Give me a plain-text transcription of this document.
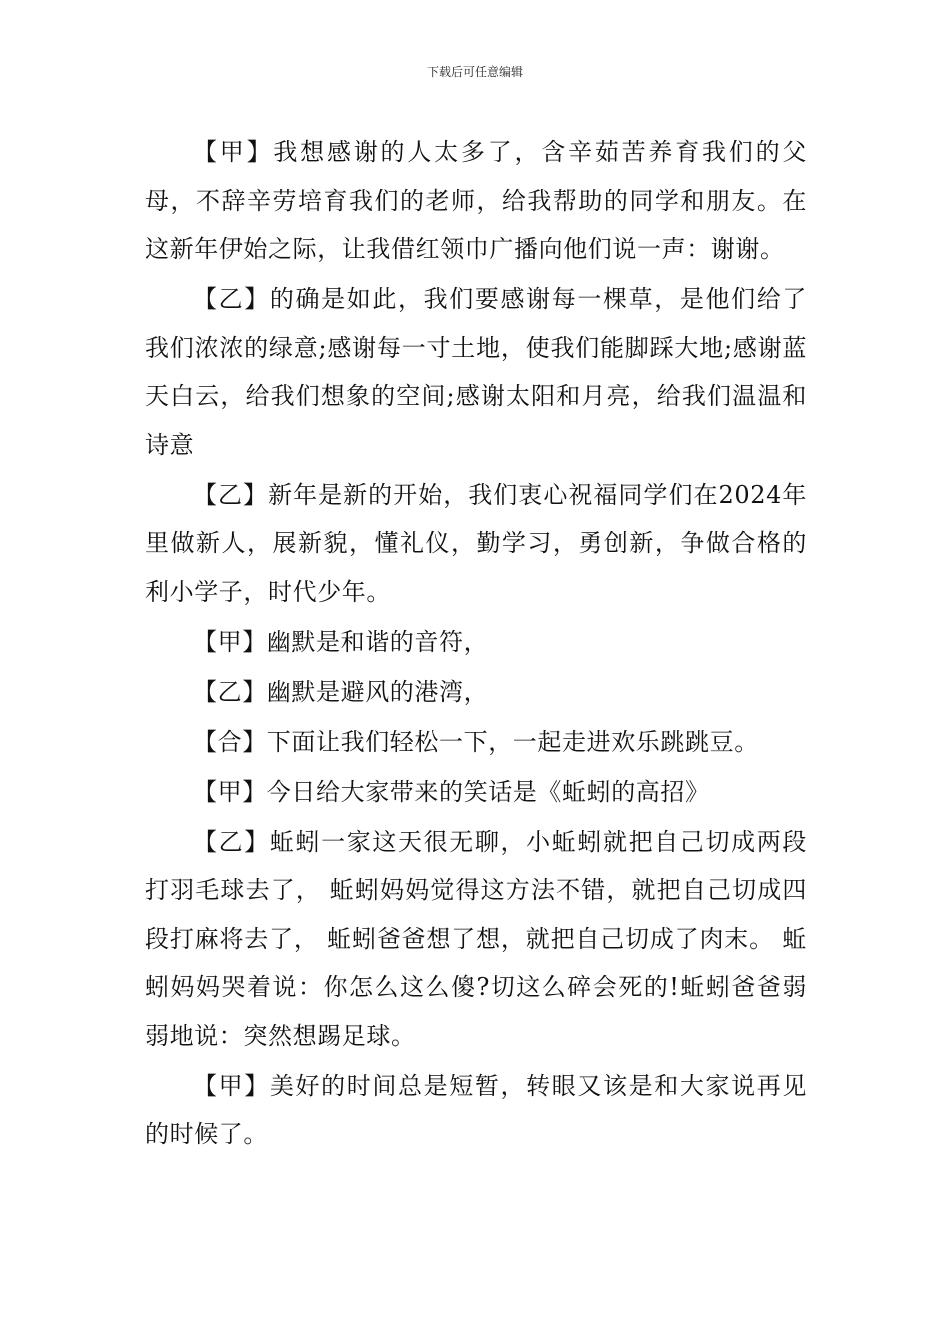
下载后可任意编辑

【甲】我想感谢的人太多了，含辛茹苦养育我们的父母，不辞辛劳培育我们的老师，给我帮助的同学和朋友。在这新年伊始之际，让我借红领巾广播向他们说一声：谢谢。

【乙】的确是如此，我们要感谢每一棵草，是他们给了我们浓浓的绿意;感谢每一寸土地，使我们能脚踩大地;感谢蓝天白云，给我们想象的空间;感谢太阳和月亮，给我们温温和诗意

【乙】新年是新的开始，我们衷心祝福同学们在2024年里做新人，展新貌，懂礼仪，勤学习，勇创新，争做合格的利小学子，时代少年。

【甲】幽默是和谐的音符，

【乙】幽默是避风的港湾，

【合】下面让我们轻松一下，一起走进欢乐跳跳豆。

【甲】今日给大家带来的笑话是《蚯蚓的高招》

【乙】蚯蚓一家这天很无聊，小蚯蚓就把自己切成两段打羽毛球去了， 蚯蚓妈妈觉得这方法不错，就把自己切成四段打麻将去了， 蚯蚓爸爸想了想，就把自己切成了肉末。 蚯蚓妈妈哭着说：你怎么这么傻?切这么碎会死的!蚯蚓爸爸弱弱地说：突然想踢足球。

【甲】美好的时间总是短暂，转眼又该是和大家说再见的时候了。
